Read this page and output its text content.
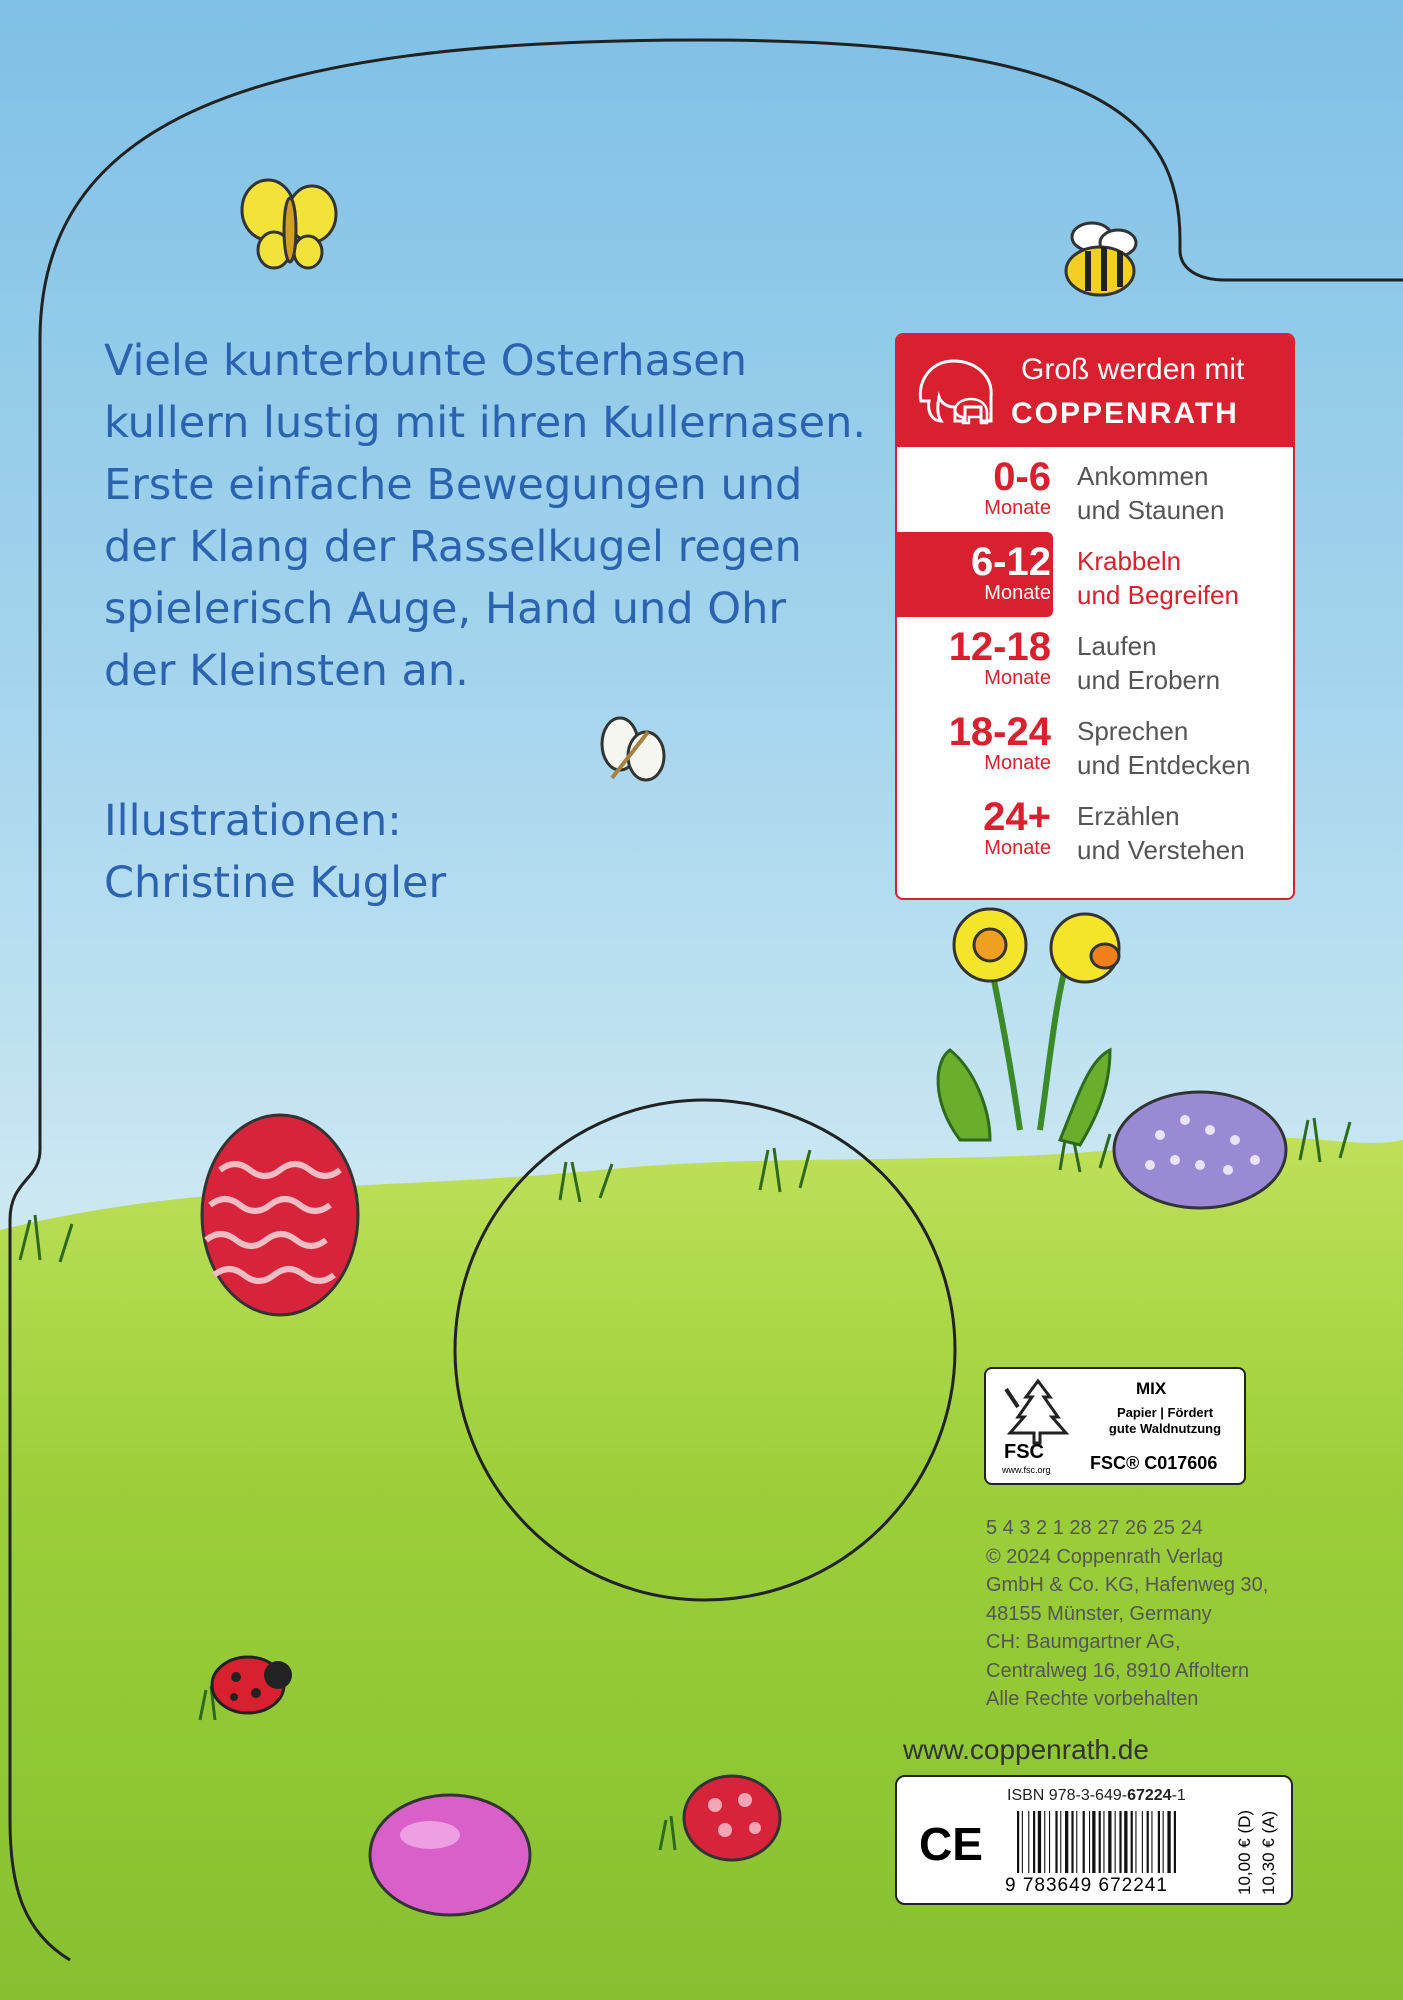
Viele kunterbunte Osterhasen
kullern lustig mit ihren Kullernasen.
Erste einfache Bewegungen und
der Klang der Rasselkugel regen
spielerisch Auge, Hand und Ohr
der Kleinsten an.
Illustrationen:
Christine Kugler
Groß werden mit
COPPENRATH
0-6
Monate
Ankommen
und Staunen
6-12
Monate
Krabbeln
und Begreifen
12-18
Monate
Laufen
und Erobern
18-24
Monate
Sprechen
und Entdecken
24+
Monate
Erzählen
und Verstehen
FSC
www.fsc.org
MIX
Papier | Fördert
gute Waldnutzung
FSC® C017606
5 4 3 2 1 28 27 26 25 24
© 2024 Coppenrath Verlag
GmbH & Co. KG, Hafenweg 30,
48155 Münster, Germany
CH: Baumgartner AG,
Centralweg 16, 8910 Affoltern
Alle Rechte vorbehalten
www.coppenrath.de
CE
ISBN 978-3-649-67224-1
9 783649 672241	10,00 € (D) 10,30 € (A)
